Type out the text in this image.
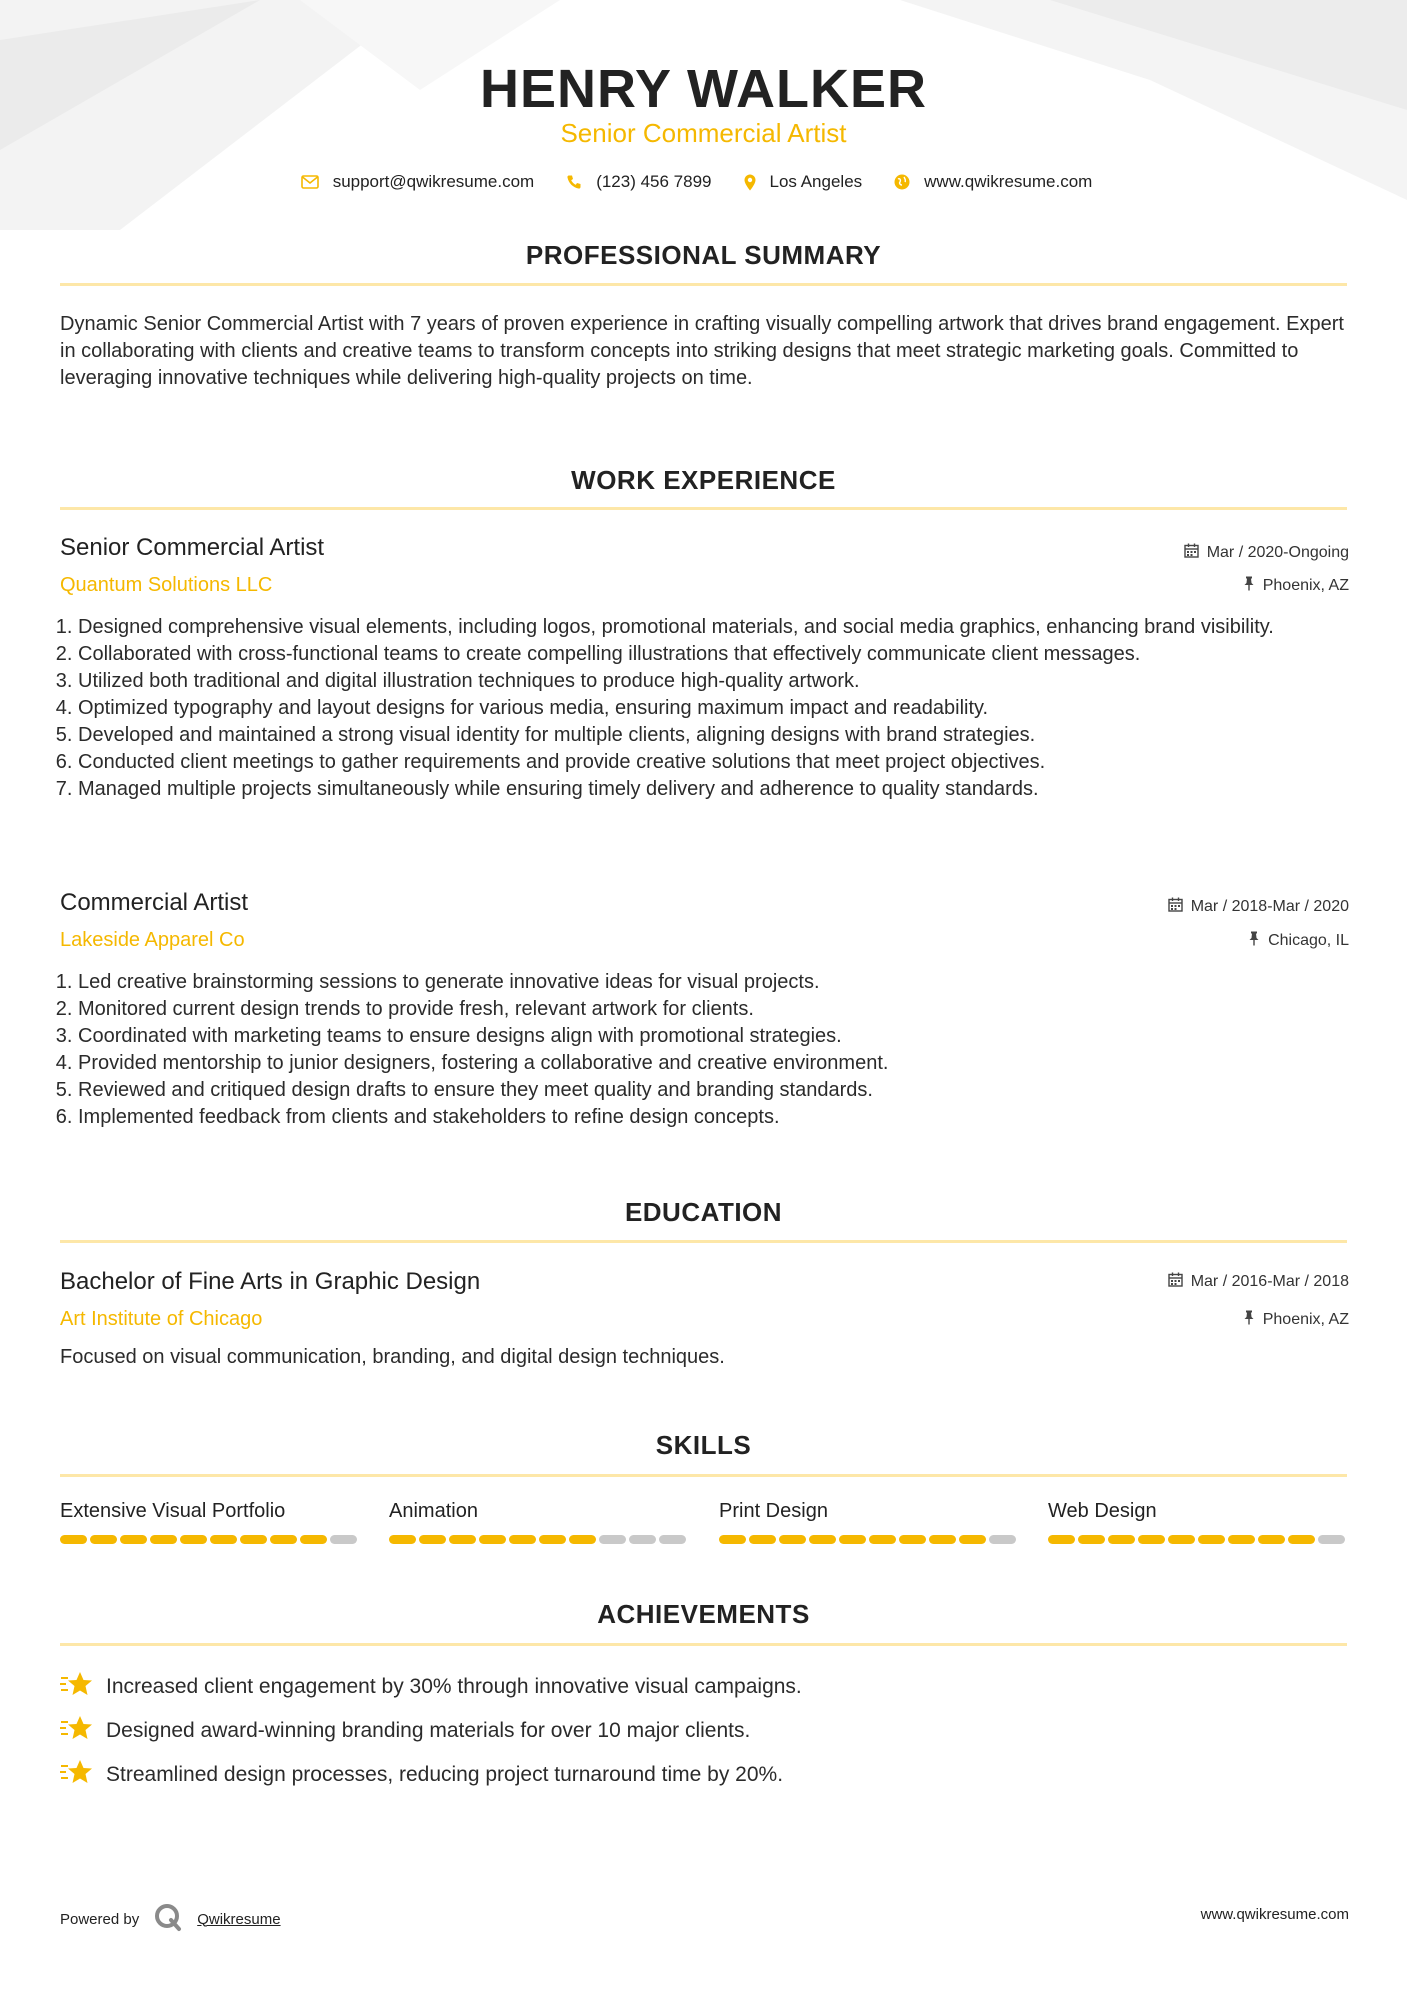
HENRY WALKER
Senior Commercial Artist
support@qwikresume.com	(123) 456 7899	Los Angeles	www.qwikresume.com
PROFESSIONAL SUMMARY
Dynamic Senior Commercial Artist with 7 years of proven experience in crafting visually compelling artwork that drives brand engagement. Expert in collaborating with clients and creative teams to transform concepts into striking designs that meet strategic marketing goals. Committed to leveraging innovative techniques while delivering high-quality projects on time.
WORK EXPERIENCE
Senior Commercial Artist	Mar / 2020-Ongoing
Quantum Solutions LLC	Phoenix, AZ
1. Designed comprehensive visual elements, including logos, promotional materials, and social media graphics, enhancing brand visibility.
2. Collaborated with cross-functional teams to create compelling illustrations that effectively communicate client messages.
3. Utilized both traditional and digital illustration techniques to produce high-quality artwork.
4. Optimized typography and layout designs for various media, ensuring maximum impact and readability.
5. Developed and maintained a strong visual identity for multiple clients, aligning designs with brand strategies.
6. Conducted client meetings to gather requirements and provide creative solutions that meet project objectives.
7. Managed multiple projects simultaneously while ensuring timely delivery and adherence to quality standards.
Commercial Artist	Mar / 2018-Mar / 2020
Lakeside Apparel Co	Chicago, IL
1. Led creative brainstorming sessions to generate innovative ideas for visual projects.
2. Monitored current design trends to provide fresh, relevant artwork for clients.
3. Coordinated with marketing teams to ensure designs align with promotional strategies.
4. Provided mentorship to junior designers, fostering a collaborative and creative environment.
5. Reviewed and critiqued design drafts to ensure they meet quality and branding standards.
6. Implemented feedback from clients and stakeholders to refine design concepts.
EDUCATION
Bachelor of Fine Arts in Graphic Design	Mar / 2016-Mar / 2018
Art Institute of Chicago	Phoenix, AZ
Focused on visual communication, branding, and digital design techniques.
SKILLS
Extensive Visual Portfolio	Animation	Print Design	Web Design
ACHIEVEMENTS
Increased client engagement by 30% through innovative visual campaigns.
Designed award-winning branding materials for over 10 major clients.
Streamlined design processes, reducing project turnaround time by 20%.
Powered by	Qwikresume	www.qwikresume.com
